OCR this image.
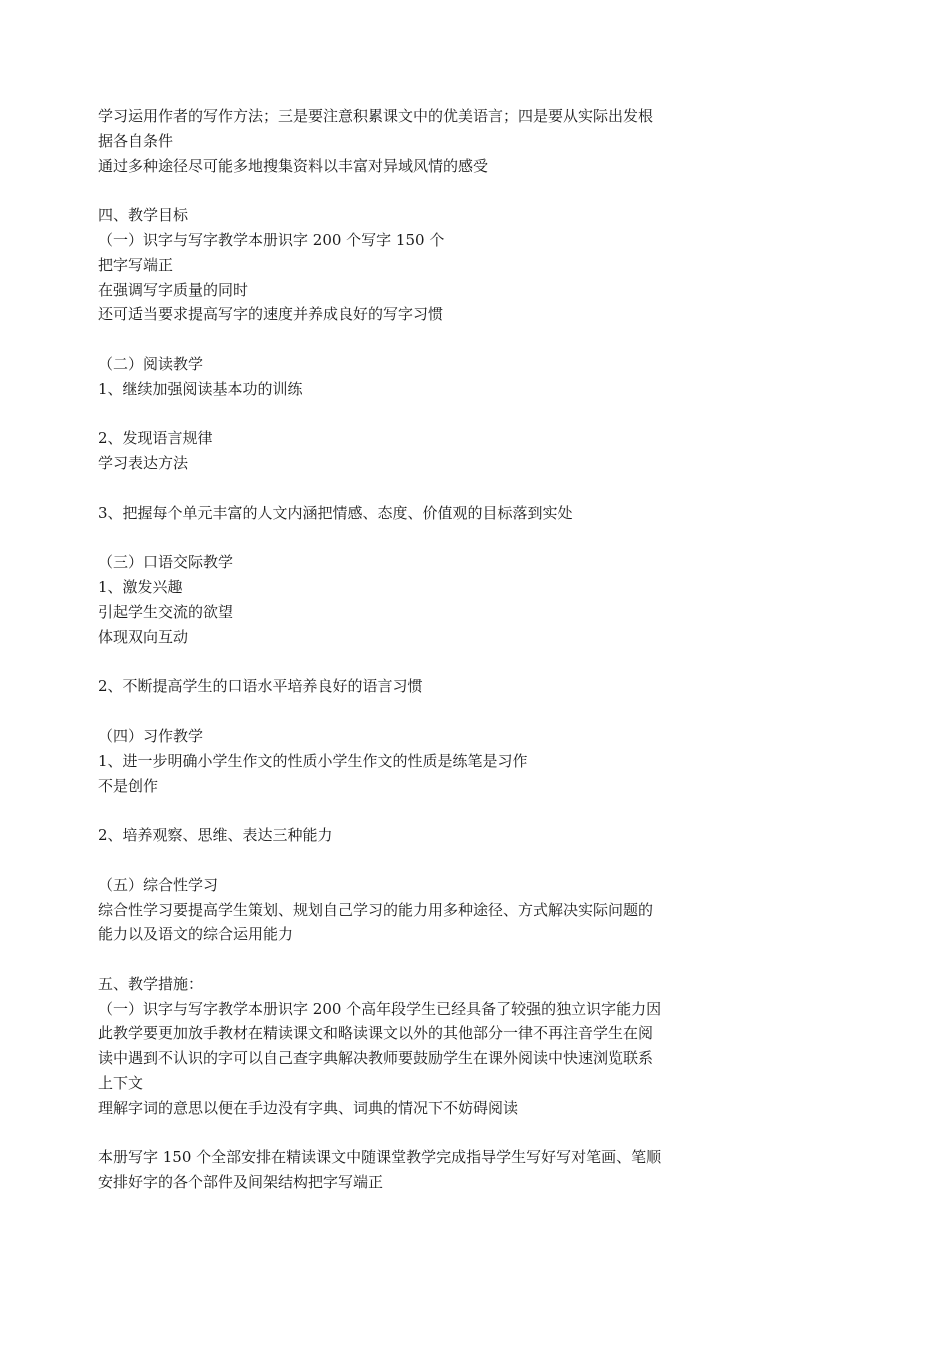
学习运用作者的写作方法；三是要注意积累课文中的优美语言；四是要从实际出发根
据各自条件
通过多种途径尽可能多地搜集资料以丰富对异域风情的感受
四、教学目标
（一）识字与写字教学本册识字 200 个写字 150 个
把字写端正
在强调写字质量的同时
还可适当要求提高写字的速度并养成良好的写字习惯
（二）阅读教学
1、继续加强阅读基本功的训练
2、发现语言规律
学习表达方法
3、把握每个单元丰富的人文内涵把情感、态度、价值观的目标落到实处
（三）口语交际教学
1、激发兴趣
引起学生交流的欲望
体现双向互动
2、不断提高学生的口语水平培养良好的语言习惯
（四）习作教学
1、进一步明确小学生作文的性质小学生作文的性质是练笔是习作
不是创作
2、培养观察、思维、表达三种能力
（五）综合性学习
综合性学习要提高学生策划、规划自己学习的能力用多种途径、方式解决实际问题的
能力以及语文的综合运用能力
五、教学措施：
（一）识字与写字教学本册识字 200 个高年段学生已经具备了较强的独立识字能力因
此教学要更加放手教材在精读课文和略读课文以外的其他部分一律不再注音学生在阅
读中遇到不认识的字可以自己查字典解决教师要鼓励学生在课外阅读中快速浏览联系
上下文
理解字词的意思以便在手边没有字典、词典的情况下不妨碍阅读
本册写字 150 个全部安排在精读课文中随课堂教学完成指导学生写好写对笔画、笔顺
安排好字的各个部件及间架结构把字写端正
